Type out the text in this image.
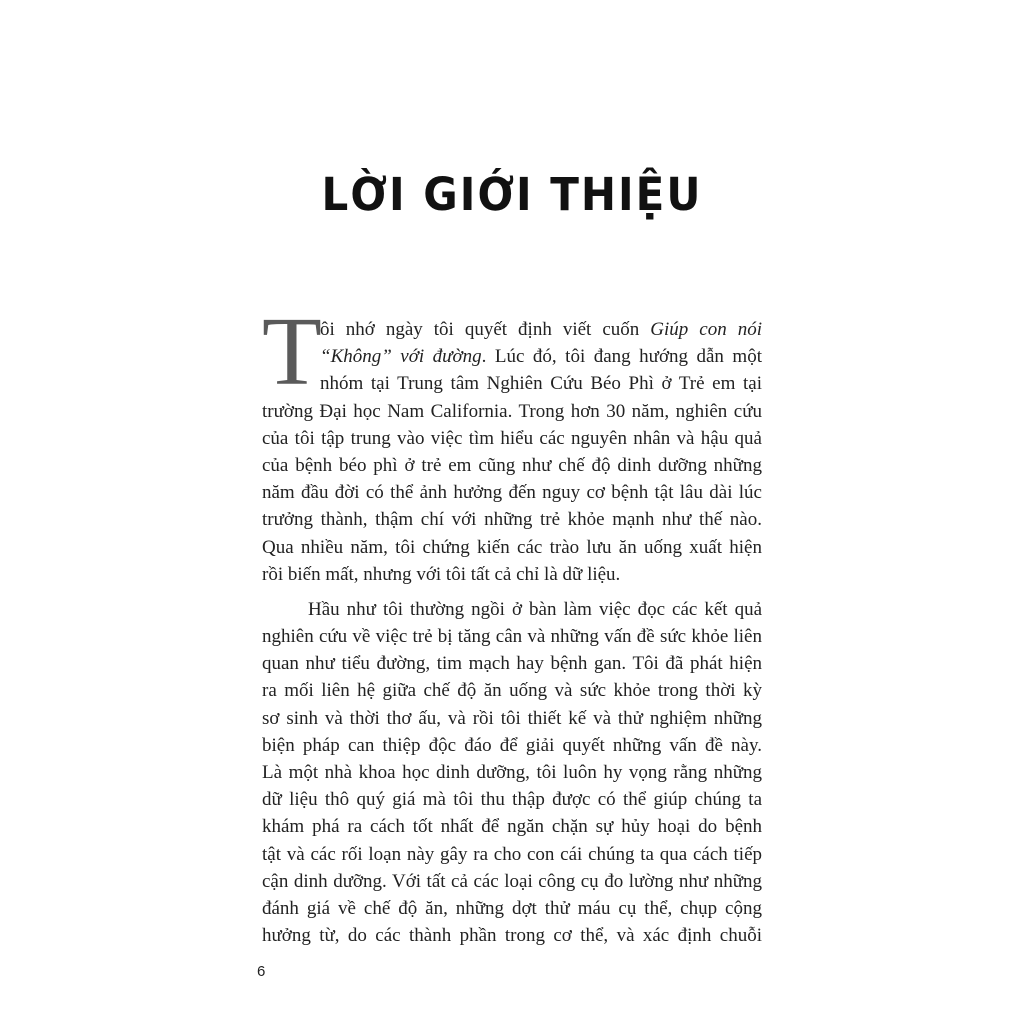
LỜI GIỚI THIỆU
T
ôi nhớ ngày tôi quyết định viết cuốn Giúp con nói
“Không” với đường. Lúc đó, tôi đang hướng dẫn một
nhóm tại Trung tâm Nghiên Cứu Béo Phì ở Trẻ em tại
trường Đại học Nam California. Trong hơn 30 năm, nghiên cứu
của tôi tập trung vào việc tìm hiểu các nguyên nhân và hậu quả
của bệnh béo phì ở trẻ em cũng như chế độ dinh dưỡng những
năm đầu đời có thể ảnh hưởng đến nguy cơ bệnh tật lâu dài lúc
trưởng thành, thậm chí với những trẻ khỏe mạnh như thế nào.
Qua nhiều năm, tôi chứng kiến các trào lưu ăn uống xuất hiện
rồi biến mất, nhưng với tôi tất cả chỉ là dữ liệu.
Hầu như tôi thường ngồi ở bàn làm việc đọc các kết quả
nghiên cứu về việc trẻ bị tăng cân và những vấn đề sức khỏe liên
quan như tiểu đường, tim mạch hay bệnh gan. Tôi đã phát hiện
ra mối liên hệ giữa chế độ ăn uống và sức khỏe trong thời kỳ
sơ sinh và thời thơ ấu, và rồi tôi thiết kế và thử nghiệm những
biện pháp can thiệp độc đáo để giải quyết những vấn đề này.
Là một nhà khoa học dinh dưỡng, tôi luôn hy vọng rằng những
dữ liệu thô quý giá mà tôi thu thập được có thể giúp chúng ta
khám phá ra cách tốt nhất để ngăn chặn sự hủy hoại do bệnh
tật và các rối loạn này gây ra cho con cái chúng ta qua cách tiếp
cận dinh dưỡng. Với tất cả các loại công cụ đo lường như những
đánh giá về chế độ ăn, những dợt thử máu cụ thể, chụp cộng
hưởng từ, do các thành phần trong cơ thể, và xác định chuỗi
6
